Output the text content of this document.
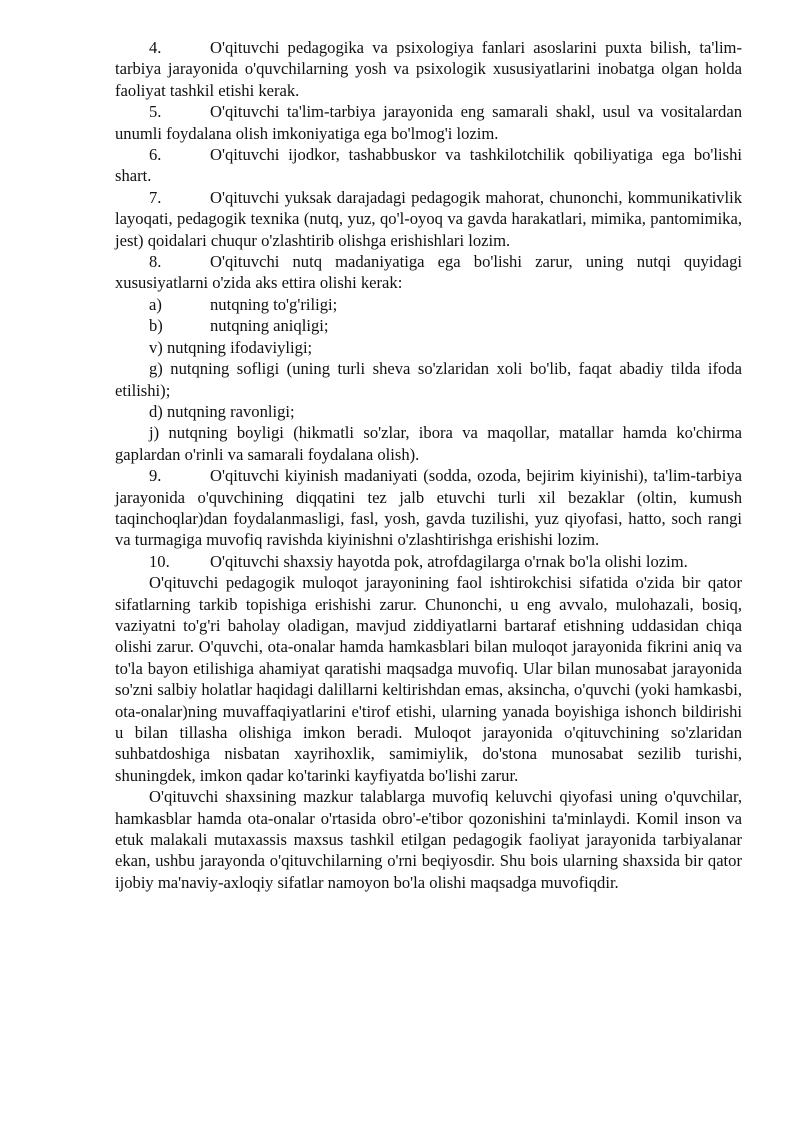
4.	O'qituvchi pedagogika va psixologiya fanlari asoslarini puxta bilish, ta'lim-tarbiya jarayonida o'quvchilarning yosh va psixologik xususiyatlarini inobatga olgan holda faoliyat tashkil etishi kerak.

5.	O'qituvchi ta'lim-tarbiya jarayonida eng samarali shakl, usul va vositalardan unumli foydalana olish imkoniyatiga ega bo'lmog'i lozim.

6.	O'qituvchi ijodkor, tashabbuskor va tashkilotchilik qobiliyatiga ega bo'lishi shart.

7.	O'qituvchi yuksak darajadagi pedagogik mahorat, chunonchi, kommunikativlik layoqati, pedagogik texnika (nutq, yuz, qo'l-oyoq va gavda harakatlari, mimika, pantomimika, jest) qoidalari chuqur o'zlashtirib olishga erishishlari lozim.

8.	O'qituvchi nutq madaniyatiga ega bo'lishi zarur, uning nutqi quyidagi xususiyatlarni o'zida aks ettira olishi kerak:

a)	nutqning to'g'riligi;

b)	nutqning aniqligi;

v) nutqning ifodaviyligi;

g) nutqning sofligi (uning turli sheva so'zlaridan xoli bo'lib, faqat abadiy tilda ifoda etilishi);

d) nutqning ravonligi;

j) nutqning boyligi (hikmatli so'zlar, ibora va maqollar, matallar hamda ko'chirma gaplardan o'rinli va samarali foydalana olish).

9.	O'qituvchi kiyinish madaniyati (sodda, ozoda, bejirim kiyinishi), ta'lim-tarbiya jarayonida o'quvchining diqqatini tez jalb etuvchi turli xil bezaklar (oltin, kumush taqinchoqlar)dan foydalanmasligi, fasl, yosh, gavda tuzilishi, yuz qiyofasi, hatto, soch rangi va turmagiga muvofiq ravishda kiyinishni o'zlashtirishga erishishi lozim.

10. O'qituvchi shaxsiy hayotda pok, atrofdagilarga o'rnak bo'la olishi lozim.

O'qituvchi pedagogik muloqot jarayonining faol ishtirokchisi sifatida o'zida bir qator sifatlarning tarkib topishiga erishishi zarur. Chunonchi, u eng avvalo, mulohazali, bosiq, vaziyatni to'g'ri baholay oladigan, mavjud ziddiyatlarni bartaraf etishning uddasidan chiqa olishi zarur. O'quvchi, ota-onalar hamda hamkasblari bilan muloqot jarayonida fikrini aniq va to'la bayon etilishiga ahamiyat qaratishi maqsadga muvofiq. Ular bilan munosabat jarayonida so'zni salbiy holatlar haqidagi dalillarni keltirishdan emas, aksincha, o'quvchi (yoki hamkasbi, ota-onalar)ning muvaffaqiyatlarini e'tirof etishi, ularning yanada boyishiga ishonch bildirishi u bilan tillasha olishiga imkon beradi. Muloqot jarayonida o'qituvchining so'zlaridan suhbatdoshiga nisbatan xayrihoxlik, samimiylik, do'stona munosabat sezilib turishi, shuningdek, imkon qadar ko'tarinki kayfiyatda bo'lishi zarur.

O'qituvchi shaxsining mazkur talablarga muvofiq keluvchi qiyofasi uning o'quvchilar, hamkasblar hamda ota-onalar o'rtasida obro'-e'tibor qozonishini ta'minlaydi. Komil inson va etuk malakali mutaxassis maxsus tashkil etilgan pedagogik faoliyat jarayonida tarbiyalanar ekan, ushbu jarayonda o'qituvchilarning o'rni beqiyosdir. Shu bois ularning shaxsida bir qator ijobiy ma'naviy-axloqiy sifatlar namoyon bo'la olishi maqsadga muvofiqdir.
